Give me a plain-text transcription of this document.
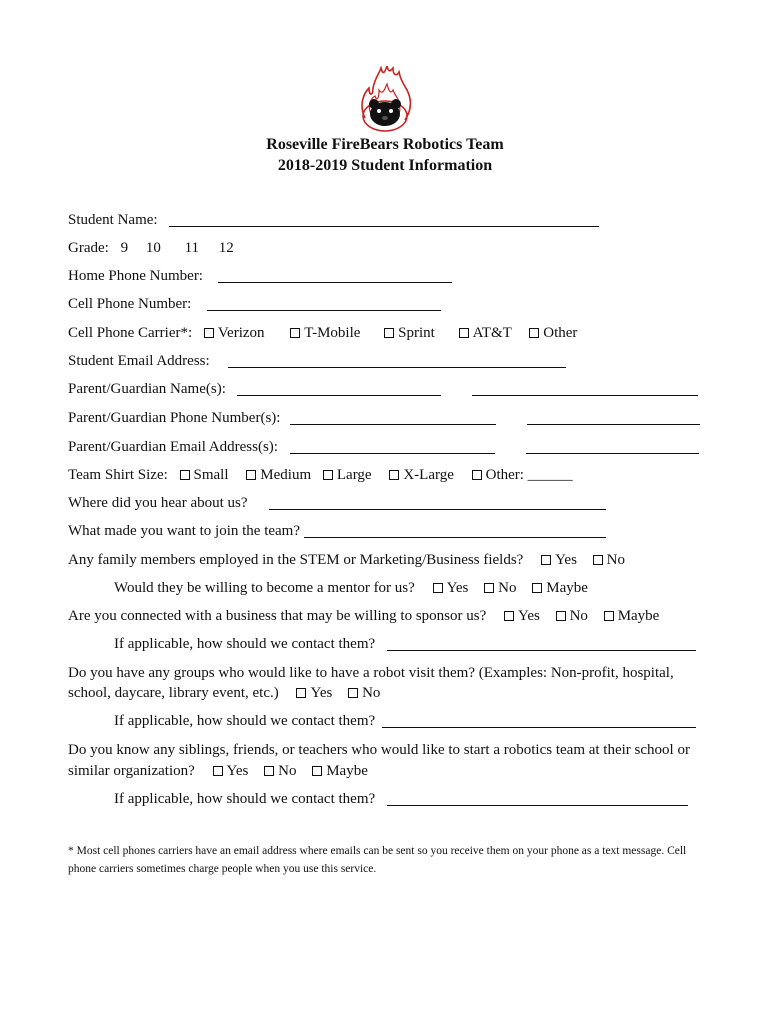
Roseville FireBears Robotics Team
2018-2019 Student Information
Student Name:
Grade: 9 10 11 12
Home Phone Number:
Cell Phone Number:
Cell Phone Carrier*: Verizon	T-Mobile	Sprint	AT&T Other
Student Email Address:
Parent/Guardian Name(s):
Parent/Guardian Phone Number(s):
Parent/Guardian Email Address(s):
Team Shirt Size: Small Medium Large X-Large Other: ______
Where did you hear about us?
What made you want to join the team?
Any family members employed in the STEM or Marketing/Business fields? Yes No
Would they be willing to become a mentor for us? Yes No Maybe
Are you connected with a business that may be willing to sponsor us? Yes No Maybe
If applicable, how should we contact them?
Do you have any groups who would like to have a robot visit them? (Examples: Non-profit, hospital,
school, daycare, library event, etc.) Yes No
If applicable, how should we contact them?
Do you know any siblings, friends, or teachers who would like to start a robotics team at their school or
similar organization? Yes No Maybe
If applicable, how should we contact them?
* Most cell phones carriers have an email address where emails can be sent so you receive them on your phone as a text message. Cell phone carriers sometimes charge people when you use this service.
